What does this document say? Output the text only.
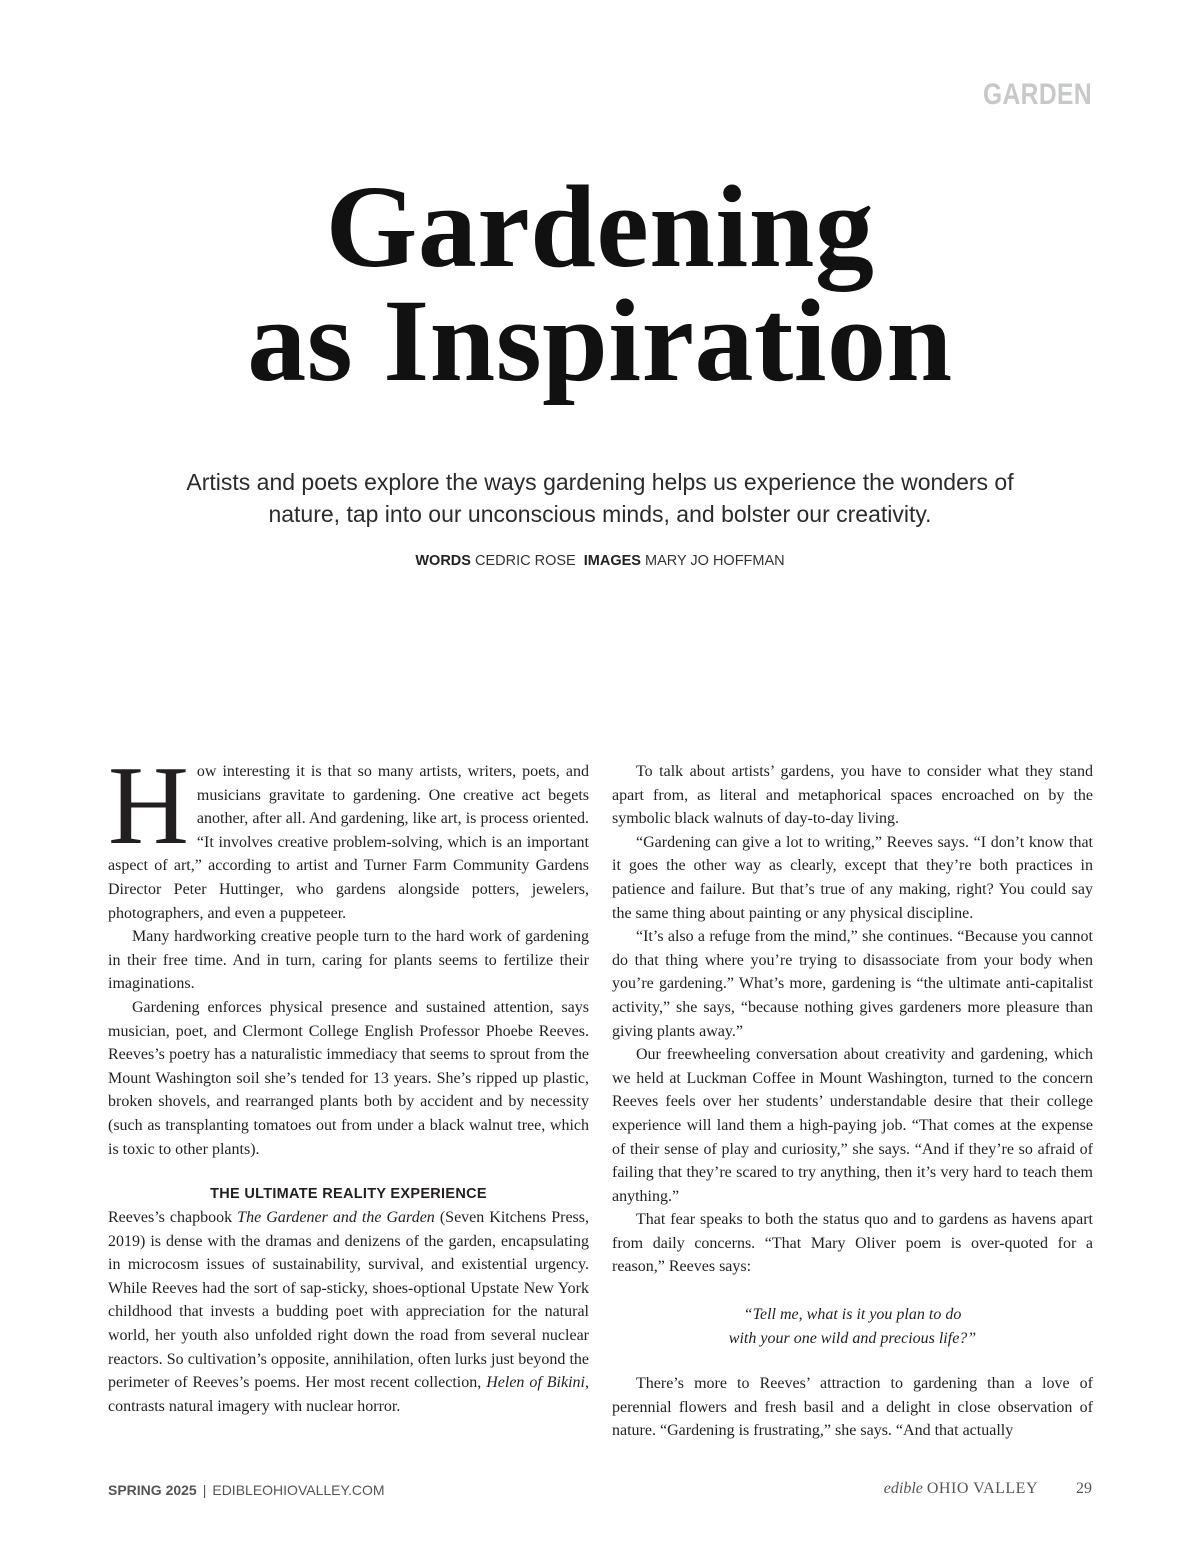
GARDEN
Gardening
as Inspiration

Artists and poets explore the ways gardening helps us experience the wonders of
nature, tap into our unconscious minds, and bolster our creativity.

WORDS CEDRIC ROSE IMAGES MARY JO HOFFMAN

How interesting it is that so many artists, writers, poets, and musicians gravitate to gardening. One creative act begets another, after all. And gardening, like art, is process oriented. “It involves creative problem-solving, which is an important aspect of art,” according to artist and Turner Farm Community Gardens Director Peter Huttinger, who gardens alongside potters, jewelers, photographers, and even a puppeteer.

Many hardworking creative people turn to the hard work of gardening in their free time. And in turn, caring for plants seems to fertilize their imaginations.

Gardening enforces physical presence and sustained attention, says musician, poet, and Clermont College English Professor Phoebe Reeves. Reeves’s poetry has a naturalistic immediacy that seems to sprout from the Mount Washington soil she’s tended for 13 years. She’s ripped up plastic, broken shovels, and rearranged plants both by accident and by necessity (such as transplanting tomatoes out from under a black walnut tree, which is toxic to other plants).

THE ULTIMATE REALITY EXPERIENCE

Reeves’s chapbook The Gardener and the Garden (Seven Kitchens Press, 2019) is dense with the dramas and denizens of the garden, encapsulating in microcosm issues of sustainability, survival, and existential urgency. While Reeves had the sort of sap-sticky, shoes-optional Upstate New York childhood that invests a budding poet with appreciation for the natural world, her youth also unfolded right down the road from several nuclear reactors. So cultivation’s opposite, annihilation, often lurks just beyond the perimeter of Reeves’s poems. Her most recent collection, Helen of Bikini, contrasts natural imagery with nuclear horror.

To talk about artists’ gardens, you have to consider what they stand apart from, as literal and metaphorical spaces encroached on by the symbolic black walnuts of day-to-day living.

“Gardening can give a lot to writing,” Reeves says. “I don’t know that it goes the other way as clearly, except that they’re both practices in patience and failure. But that’s true of any making, right? You could say the same thing about painting or any physical discipline.

“It’s also a refuge from the mind,” she continues. “Because you cannot do that thing where you’re trying to disassociate from your body when you’re gardening.” What’s more, gardening is “the ultimate anti-capitalist activity,” she says, “because nothing gives gardeners more pleasure than giving plants away.”

Our freewheeling conversation about creativity and gardening, which we held at Luckman Coffee in Mount Washington, turned to the concern Reeves feels over her students’ understandable desire that their college experience will land them a high-paying job. “That comes at the expense of their sense of play and curiosity,” she says. “And if they’re so afraid of failing that they’re scared to try anything, then it’s very hard to teach them anything.”

That fear speaks to both the status quo and to gardens as havens apart from daily concerns. “That Mary Oliver poem is over-quoted for a reason,” Reeves says:

“Tell me, what is it you plan to do
with your one wild and precious life?”

There’s more to Reeves’ attraction to gardening than a love of perennial flowers and fresh basil and a delight in close observation of nature. “Gardening is frustrating,” she says. “And that actually

SPRING 2025 | EDIBLEOHIOVALLEY.COM	edible OHIO VALLEY 29
